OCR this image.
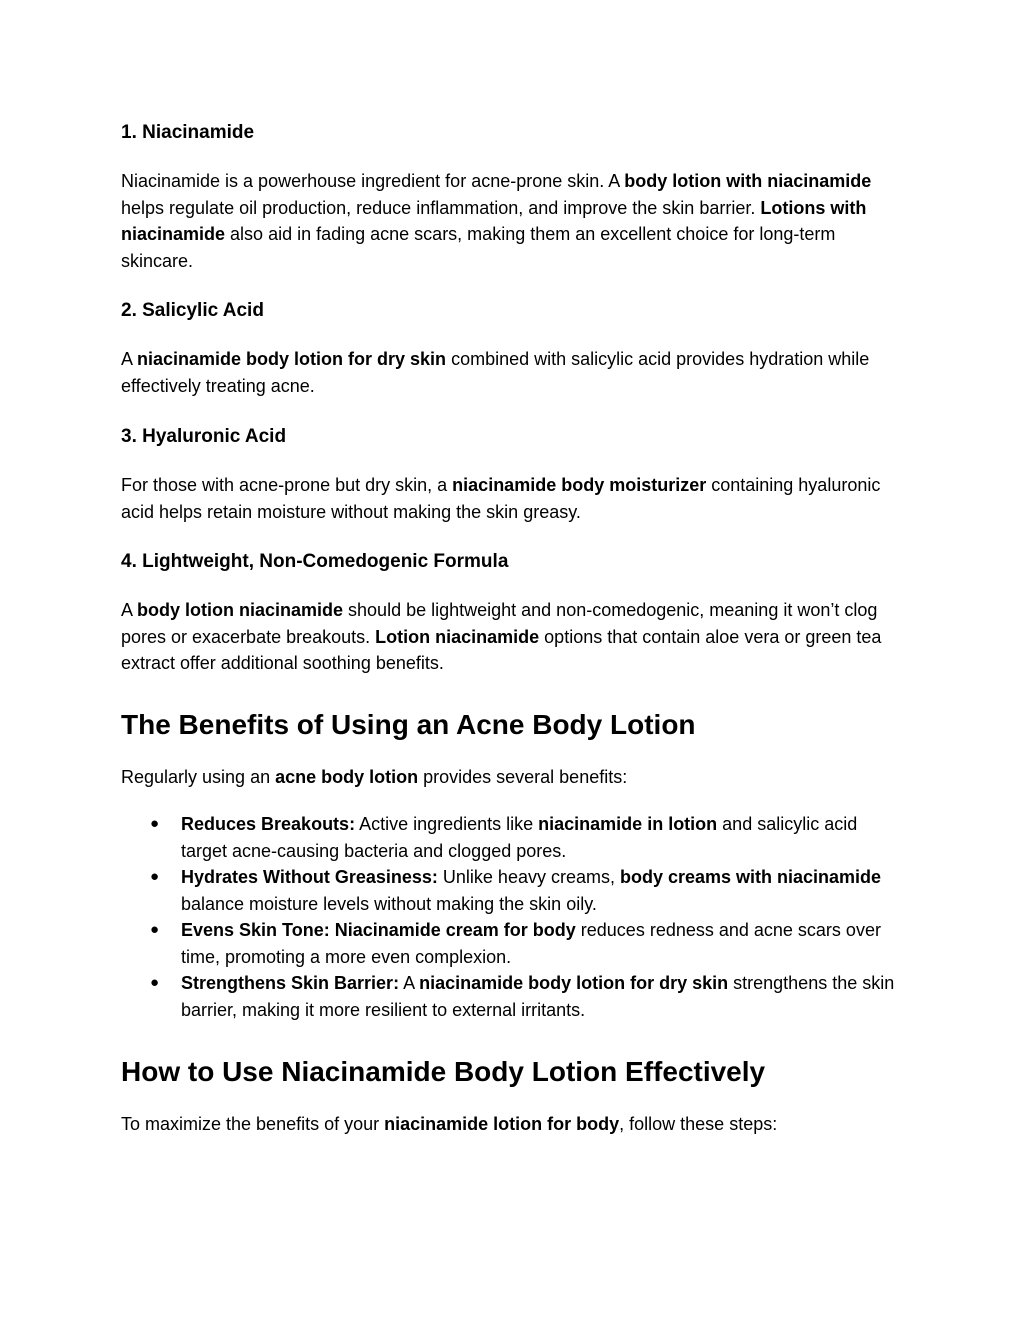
1. Niacinamide

Niacinamide is a powerhouse ingredient for acne-prone skin. A body lotion with niacinamide helps regulate oil production, reduce inflammation, and improve the skin barrier. Lotions with niacinamide also aid in fading acne scars, making them an excellent choice for long-term skincare.

2. Salicylic Acid

A niacinamide body lotion for dry skin combined with salicylic acid provides hydration while effectively treating acne.

3. Hyaluronic Acid

For those with acne-prone but dry skin, a niacinamide body moisturizer containing hyaluronic acid helps retain moisture without making the skin greasy.

4. Lightweight, Non-Comedogenic Formula

A body lotion niacinamide should be lightweight and non-comedogenic, meaning it won’t clog pores or exacerbate breakouts. Lotion niacinamide options that contain aloe vera or green tea extract offer additional soothing benefits.

The Benefits of Using an Acne Body Lotion

Regularly using an acne body lotion provides several benefits:

● Reduces Breakouts: Active ingredients like niacinamide in lotion and salicylic acid target acne-causing bacteria and clogged pores.
● Hydrates Without Greasiness: Unlike heavy creams, body creams with niacinamide balance moisture levels without making the skin oily.
● Evens Skin Tone: Niacinamide cream for body reduces redness and acne scars over time, promoting a more even complexion.
● Strengthens Skin Barrier: A niacinamide body lotion for dry skin strengthens the skin barrier, making it more resilient to external irritants.
How to Use Niacinamide Body Lotion Effectively

To maximize the benefits of your niacinamide lotion for body, follow these steps:
